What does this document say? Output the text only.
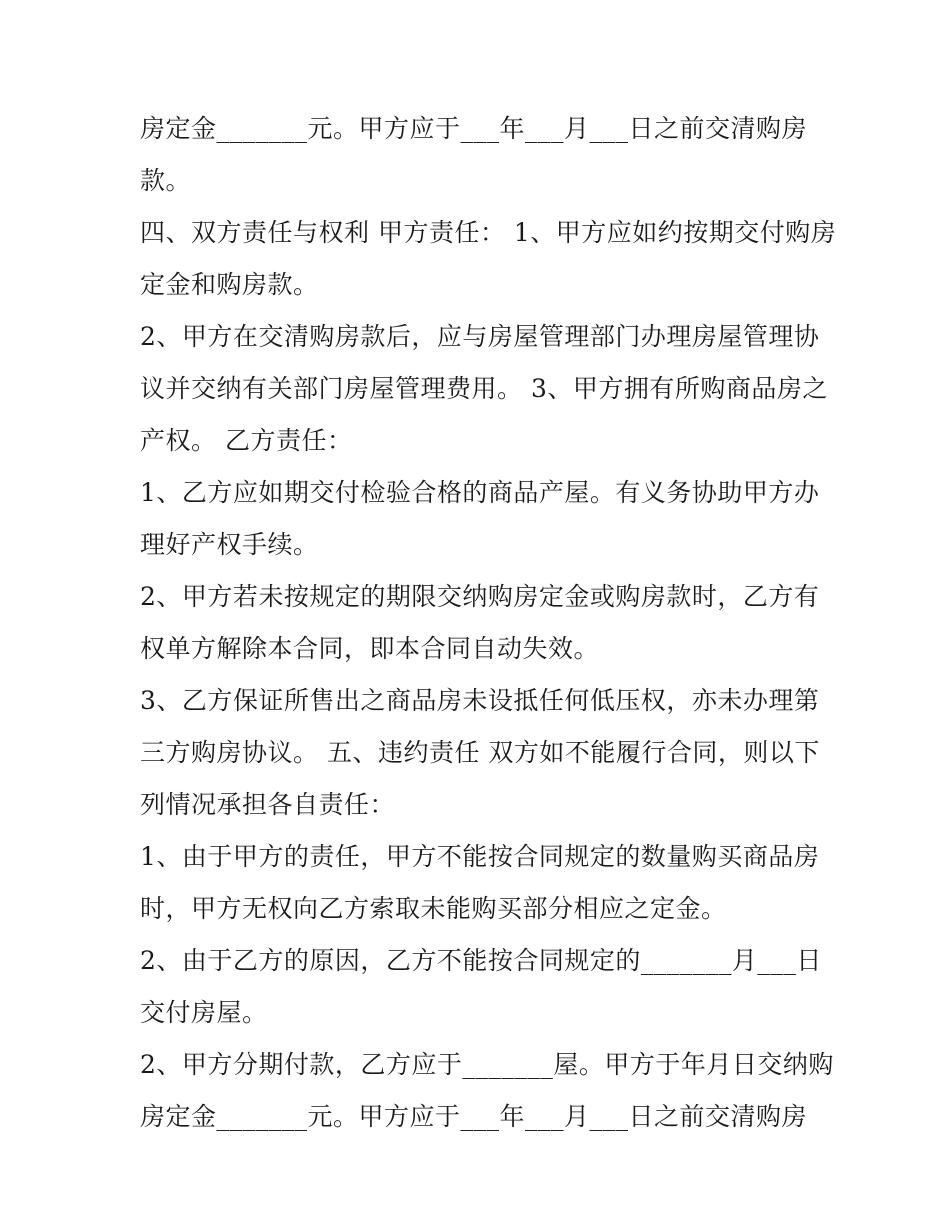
房定金_______元。甲方应于___年___月___日之前交清购房
款。
四、双方责任与权利 甲方责任： 1、甲方应如约按期交付购房
定金和购房款。
2、甲方在交清购房款后，应与房屋管理部门办理房屋管理协
议并交纳有关部门房屋管理费用。 3、甲方拥有所购商品房之
产权。 乙方责任：
1、乙方应如期交付检验合格的商品产屋。有义务协助甲方办
理好产权手续。
2、甲方若未按规定的期限交纳购房定金或购房款时，乙方有
权单方解除本合同，即本合同自动失效。
3、乙方保证所售出之商品房未设抵任何低压权，亦未办理第
三方购房协议。 五、违约责任 双方如不能履行合同，则以下
列情况承担各自责任：
1、由于甲方的责任，甲方不能按合同规定的数量购买商品房
时，甲方无权向乙方索取未能购买部分相应之定金。
2、由于乙方的原因，乙方不能按合同规定的_______月___日
交付房屋。
2、甲方分期付款，乙方应于_______屋。甲方于年月日交纳购
房定金_______元。甲方应于___年___月___日之前交清购房
